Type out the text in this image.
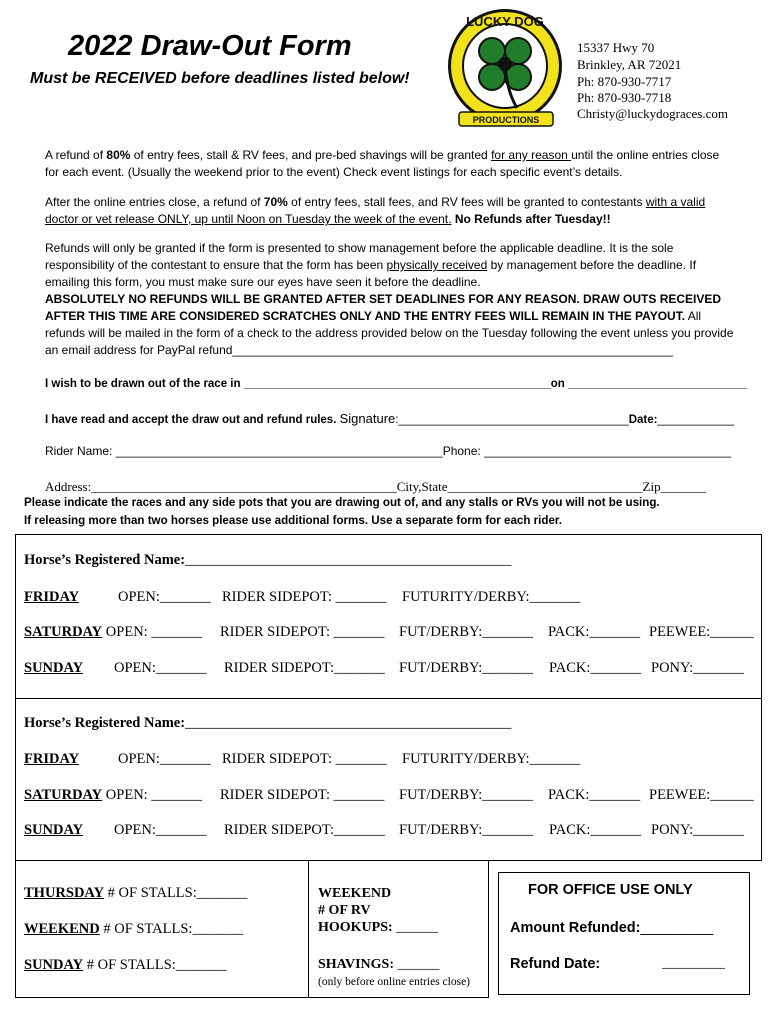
2022 Draw-Out Form
Must be RECEIVED before deadlines listed below!
LUCKY DOG
PRODUCTIONS
15337 Hwy 70
Brinkley, AR 72021
Ph: 870-930-7717
Ph: 870-930-7718
Christy@luckydograces.com
A refund of 80% of entry fees, stall & RV fees, and pre-bed shavings will be granted for any reason until the online entries close for each event. (Usually the weekend prior to the event) Check event listings for each specific event’s details.
After the online entries close, a refund of 70% of entry fees, stall fees, and RV fees will be granted to contestants with a valid doctor or vet release ONLY, up until Noon on Tuesday the week of the event. No Refunds after Tuesday!!
Refunds will only be granted if the form is presented to show management before the applicable deadline. It is the sole responsibility of the contestant to ensure that the form has been physically received by management before the deadline. If emailing this form, you must make sure our eyes have seen it before the deadline.
ABSOLUTELY NO REFUNDS WILL BE GRANTED AFTER SET DEADLINES FOR ANY REASON. DRAW OUTS RECEIVED AFTER THIS TIME ARE CONSIDERED SCRATCHES ONLY AND THE ENTRY FEES WILL REMAIN IN THE PAYOUT. All refunds will be mailed in the form of a check to the address provided below on the Tuesday following the event unless you provide an email address for PayPal refund__________________________________________________________________
I wish to be drawn out of the race in ________________________________________________on ____________________________
I have read and accept the draw out and refund rules. Signature:____________________________________Date:____________
Rider Name: _________________________________________________Phone: _____________________________________
Address:_______________________________________________City,State______________________________Zip_______
Please indicate the races and any side pots that you are drawing out of, and any stalls or RVs you will not be using.
If releasing more than two horses please use additional forms. Use a separate form for each rider.
Horse’s Registered Name:_____________________________________________
FRIDAY	OPEN:_______ RIDER SIDEPOT: _______ FUTURITY/DERBY:_______
SATURDAY OPEN: _______ RIDER SIDEPOT: _______ FUT/DERBY:_______ PACK:_______ PEEWEE:______
SUNDAY OPEN:_______ RIDER SIDEPOT:_______ FUT/DERBY:_______ PACK:_______ PONY:_______
Horse’s Registered Name:_____________________________________________
FRIDAY	OPEN:_______ RIDER SIDEPOT: _______ FUTURITY/DERBY:_______
SATURDAY OPEN: _______ RIDER SIDEPOT: _______ FUT/DERBY:_______ PACK:_______ PEEWEE:______
SUNDAY OPEN:_______ RIDER SIDEPOT:_______ FUT/DERBY:_______ PACK:_______ PONY:_______
THURSDAY # OF STALLS:_______
WEEKEND # OF STALLS:_______
SUNDAY # OF STALLS:_______
WEEKEND
# OF RV
HOOKUPS: ______
SHAVINGS: ______
(only before online entries close)
FOR OFFICE USE ONLY
Amount Refunded:_________
Refund Date:	_________
